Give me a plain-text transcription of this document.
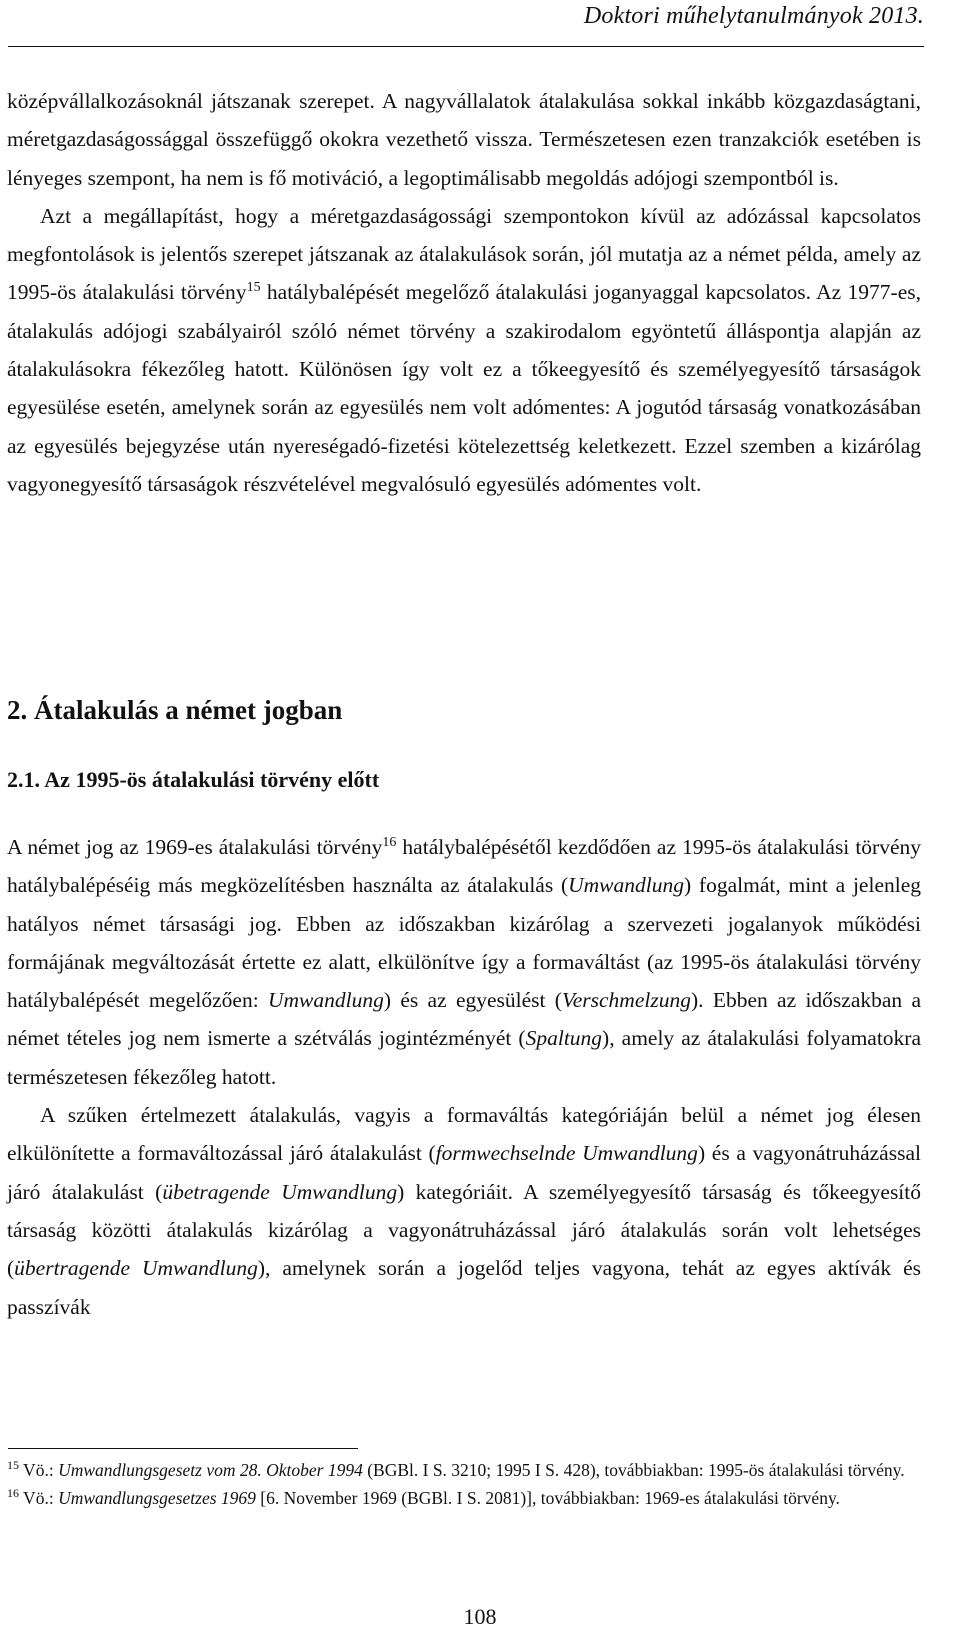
Doktori műhelytanulmányok 2013.

középvállalkozásoknál játszanak szerepet. A nagyvállalatok átalakulása sokkal inkább közgazdaságtani, méretgazdaságossággal összefüggő okokra vezethető vissza. Természetesen ezen tranzakciók esetében is lényeges szempont, ha nem is fő motiváció, a legoptimálisabb megoldás adójogi szempontból is.

Azt a megállapítást, hogy a méretgazdaságossági szempontokon kívül az adózással kapcsolatos megfontolások is jelentős szerepet játszanak az átalakulások során, jól mutatja az a német példa, amely az 1995-ös átalakulási törvény$^{15}$ hatálybalépését megelőző átalakulási joganyaggal kapcsolatos. Az 1977-es, átalakulás adójogi szabályairól szóló német törvény a szakirodalom egyöntetű álláspontja alapján az átalakulásokra fékezőleg hatott. Különösen így volt ez a tőkeegyesítő és személyegyesítő társaságok egyesülése esetén, amelynek során az egyesülés nem volt adómentes: A jogutód társaság vonatkozásában az egyesülés bejegyzése után nyereségadó-fizetési kötelezettség keletkezett. Ezzel szemben a kizárólag vagyonegyesítő társaságok részvételével megvalósuló egyesülés adómentes volt.

2. Átalakulás a német jogban
2.1. Az 1995-ös átalakulási törvény előtt

A német jog az 1969-es átalakulási törvény$^{16}$ hatálybalépésétől kezdődően az 1995-ös átalakulási törvény hatálybalépéséig más megközelítésben használta az átalakulás (Umwandlung) fogalmát, mint a jelenleg hatályos német társasági jog. Ebben az időszakban kizárólag a szervezeti jogalanyok működési formájának megváltozását értette ez alatt, elkülönítve így a formaváltást (az 1995-ös átalakulási törvény hatálybalépését megelőzően: Umwandlung) és az egyesülést (Verschmelzung). Ebben az időszakban a német tételes jog nem ismerte a szétválás jogintézményét (Spaltung), amely az átalakulási folyamatokra természetesen fékezőleg hatott.

A szűken értelmezett átalakulás, vagyis a formaváltás kategóriáján belül a német jog élesen elkülönítette a formaváltozással járó átalakulást (formwechselnde Umwandlung) és a vagyonátruházással járó átalakulást (übetragende Umwandlung) kategóriáit. A személyegyesítő társaság és tőkeegyesítő társaság közötti átalakulás kizárólag a vagyonátruházással járó átalakulás során volt lehetséges (übertragende Umwandlung), amelynek során a jogelőd teljes vagyona, tehát az egyes aktívák és passzívák

$^{15}$ Vö.: Umwandlungsgesetz vom 28. Oktober 1994 (BGBl. I S. 3210; 1995 I S. 428), továbbiakban: 1995-ös átalakulási törvény.

$^{16}$ Vö.: Umwandlungsgesetzes 1969 [6. November 1969 (BGBl. I S. 2081)], továbbiakban: 1969-es átalakulási törvény.

108
